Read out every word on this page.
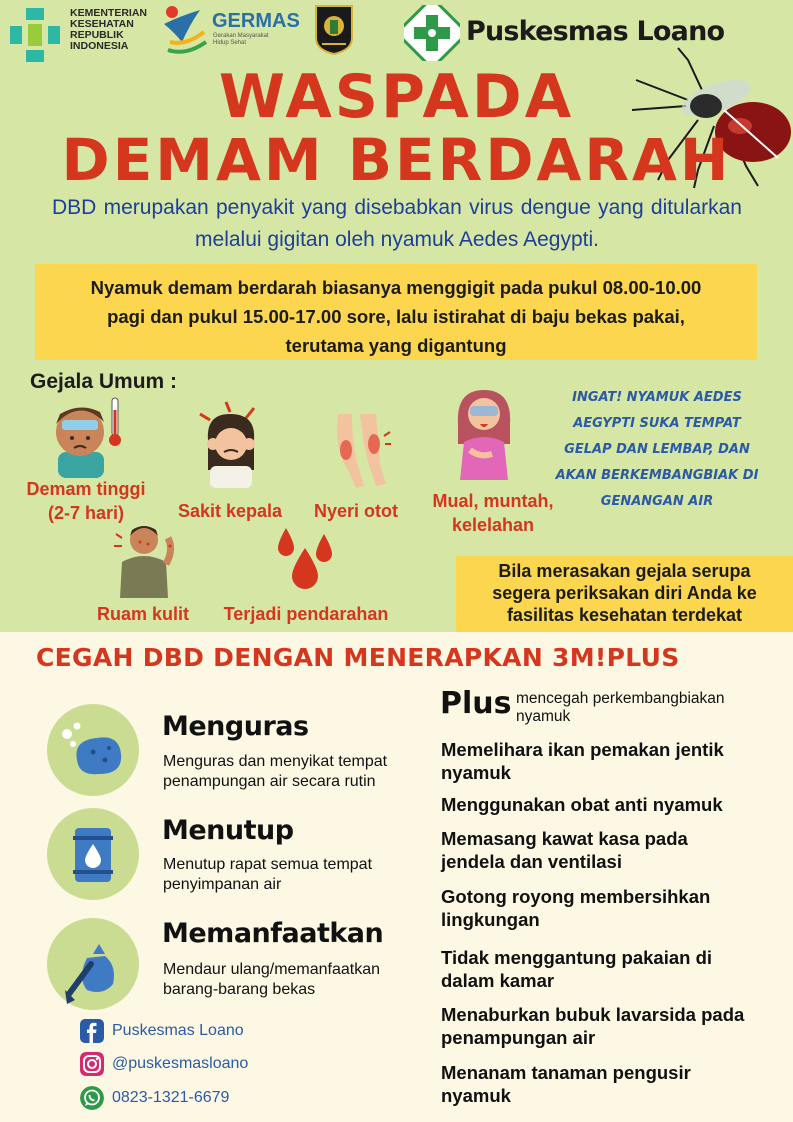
KEMENTERIAN
KESEHATAN
REPUBLIK
INDONESIA
GERMAS
Gerakan Masyarakat Hidup Sehat	Puskesmas Loano
WASPADA
DEMAM BERDARAH
DBD merupakan penyakit yang disebabkan virus dengue yang ditularkan melalui gigitan oleh nyamuk Aedes Aegypti.
Nyamuk demam berdarah biasanya menggigit pada pukul 08.00-10.00
pagi dan pukul 15.00-17.00 sore, lalu istirahat di baju bekas pakai,
terutama yang digantung
Gejala Umum :
Demam tinggi
(2-7 hari)	Sakit kepala	Nyeri otot	Mual, muntah,
kelelahan
Ruam kulit	Terjadi pendarahan
INGAT! NYAMUK AEDES
AEGYPTI SUKA TEMPAT
GELAP DAN LEMBAP, DAN
AKAN BERKEMBANGBIAK DI
GENANGAN AIR
Bila merasakan gejala serupa
segera periksakan diri Anda ke
fasilitas kesehatan terdekat
CEGAH DBD DENGAN MENERAPKAN 3M!PLUS
Menguras
Menguras dan menyikat tempat
penampungan air secara rutin
Menutup
Menutup rapat semua tempat
penyimpanan air
Memanfaatkan
Mendaur ulang/memanfaatkan
barang-barang bekas
Plus mencegah perkembangbiakan
nyamuk
Memelihara ikan pemakan jentik
nyamuk
Menggunakan obat anti nyamuk
Memasang kawat kasa pada
jendela dan ventilasi
Gotong royong membersihkan
lingkungan
Tidak menggantung pakaian di
dalam kamar
Menaburkan bubuk lavarsida pada
penampungan air
Menanam tanaman pengusir
nyamuk
Puskesmas Loano
@puskesmasloano
0823-1321-6679
